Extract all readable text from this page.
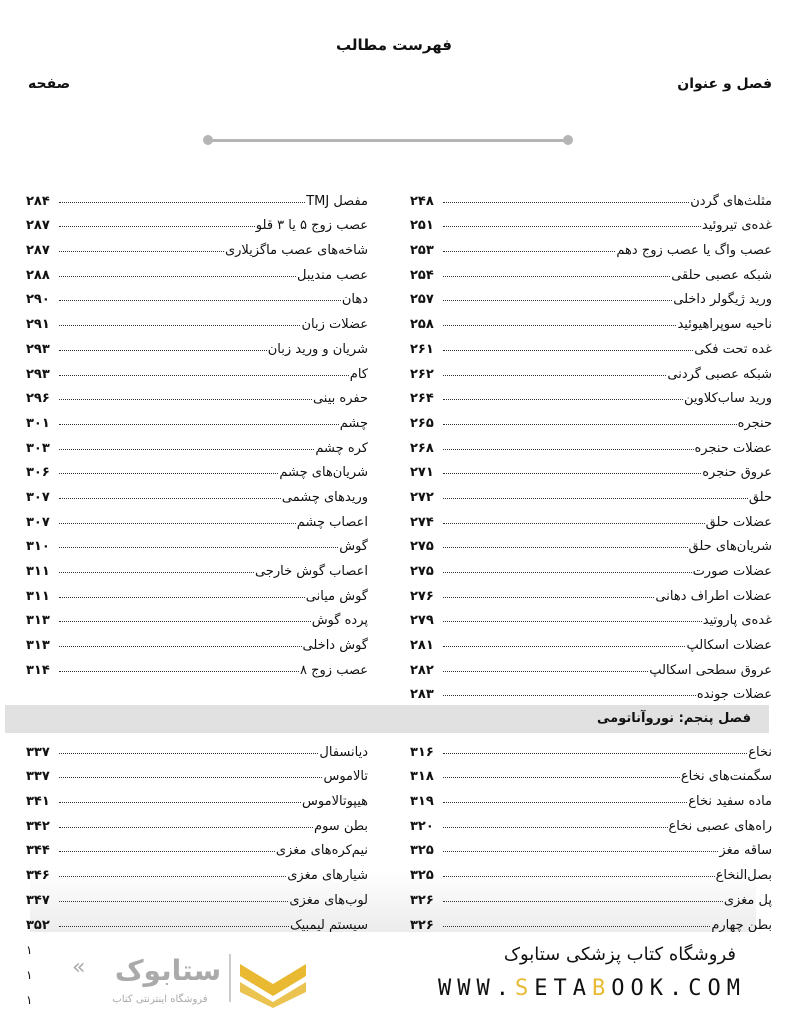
فهرست مطالب
فصل و عنوان
صفحه
مثلث‌های گردن
۲۴۸
غده‌ی تیروئید
۲۵۱
عصب واگ یا عصب زوج دهم
۲۵۳
شبکه عصبی حلقی
۲۵۴
ورید ژیگولر داخلی
۲۵۷
ناحیه سوپراهیوئید
۲۵۸
غده تحت فکی
۲۶۱
شبکه عصبی گردنی
۲۶۲
ورید ساب‌کلاوین
۲۶۴
حنجره
۲۶۵
عضلات حنجره
۲۶۸
عروق حنجره
۲۷۱
حلق
۲۷۲
عضلات حلق
۲۷۴
شریان‌های حلق
۲۷۵
عضلات صورت
۲۷۵
عضلات اطراف دهانی
۲۷۶
غده‌ی پاروتید
۲۷۹
عضلات اسکالپ
۲۸۱
عروق سطحی اسکالپ
۲۸۲
عضلات جونده
۲۸۳
مفصل TMJ
۲۸۴
عصب زوج ۵ یا ۳ قلو
۲۸۷
شاخه‌های عصب ماگزیلاری
۲۸۷
عصب مندیبل
۲۸۸
دهان
۲۹۰
عضلات زبان
۲۹۱
شریان و ورید زبان
۲۹۳
کام
۲۹۳
حفره بینی
۲۹۶
چشم
۳۰۱
کره چشم
۳۰۳
شریان‌های چشم
۳۰۶
وریدهای چشمی
۳۰۷
اعصاب چشم
۳۰۷
گوش
۳۱۰
اعصاب گوش خارجی
۳۱۱
گوش میانی
۳۱۱
پرده گوش
۳۱۳
گوش داخلی
۳۱۳
عصب زوج ۸
۳۱۴
فصل پنجم: نوروآناتومی
نخاع
۳۱۶
سگمنت‌های نخاع
۳۱۸
ماده سفید نخاع
۳۱۹
راه‌های عصبی نخاع
۳۲۰
ساقه مغز
۳۲۵
بصل‌النخاع
۳۲۵
پل مغزی
۳۲۶
بطن چهارم
۳۲۶
دیانسفال
۳۳۷
تالاموس
۳۳۷
هیپوتالاموس
۳۴۱
بطن سوم
۳۴۲
نیم‌کره‌های مغزی
۳۴۴
شیارهای مغزی
۳۴۶
لوب‌های مغزی
۳۴۷
سیستم لیمبیک
۳۵۲
۱
۱
۱
« ستابوک
فروشگاه اینترنتی کتاب
فروشگاه کتاب پزشکی ستابوک
WWW.SETABOOK.COM
